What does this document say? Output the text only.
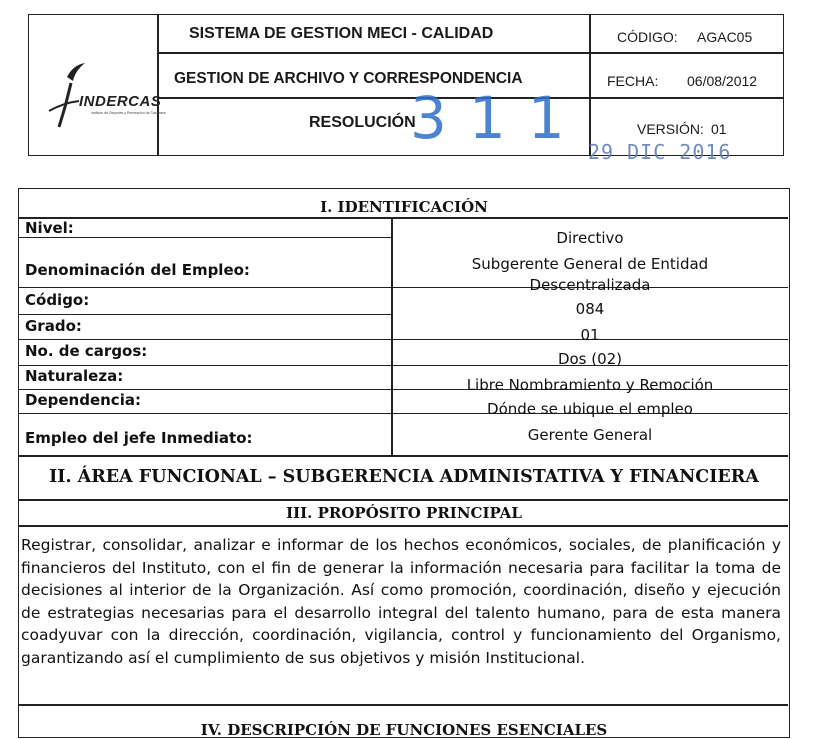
INDERCAS
Instituto de Deportes y Recreación de Casanare
SISTEMA DE GESTION MECI - CALIDAD
GESTION DE ARCHIVO Y CORRESPONDENCIA
RESOLUCIÓN
CÓDIGO: AGAC05
FECHA: 06/08/2012
VERSIÓN: 01
311 29 DIC 2016
I. IDENTIFICACIÓN
Nivel:
Denominación del Empleo:
Código:
Grado:
No. de cargos:
Naturaleza:
Dependencia:
Empleo del jefe Inmediato:
Directivo
Subgerente General de Entidad
Descentralizada
084
01
Dos (02)
Libre Nombramiento y Remoción
Dónde se ubique el empleo
Gerente General
II. ÁREA FUNCIONAL – SUBGERENCIA ADMINISTATIVA Y FINANCIERA
III. PROPÓSITO PRINCIPAL
Registrar, consolidar, analizar e informar de los hechos económicos, sociales, de planificación y financieros del Instituto, con el fin de generar la información necesaria para facilitar la toma de decisiones al interior de la Organización. Así como promoción, coordinación, diseño y ejecución de estrategias necesarias para el desarrollo integral del talento humano, para de esta manera coadyuvar con la dirección, coordinación, vigilancia, control y funcionamiento del Organismo, garantizando así el cumplimiento de sus objetivos y misión Institucional.
IV. DESCRIPCIÓN DE FUNCIONES ESENCIALES
